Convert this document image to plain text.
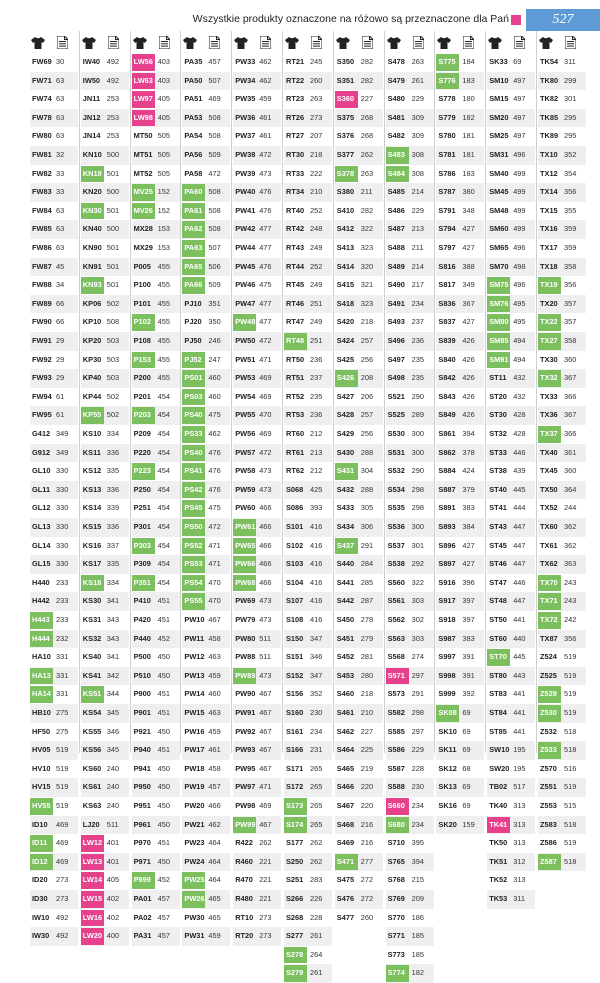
Wszystkie produkty oznaczone na różowo są przeznaczone dla Pań	527
FW69 30
FW71 63
FW74 63
FW78 63
FW80 63
FW81 32
FW82 33
FW83 33
FW84 63
FW85 63
FW86 63
FW87 45
FW88 34
FW89 66
FW90 66
FW91 29
FW92 29
FW93 29
FW94 61
FW95 61
G412 349
G912 349
GL10 330
GL11 330
GL12 330
GL13 330
GL14 330
GL15 330
H440 233
H442 233
H443 233
H444 232
HA10 331
HA13 331
HA14 331
HB10 275
HF50 275
HV05 519
HV10 519
HV15 519
HV55 519
ID10	469
ID11	469
ID12	469
ID20	273
ID30	273
IW10 492
IW30 492
IW40 492
IW50 492
JN11 253
JN12 253
JN14 253
KN10 500
KN18 501
KN20 500
KN30 501
KN40 500
KN90 501
KN91 501
KN93 501
KP06 502
KP10 508
KP20 503
KP30 503
KP40 503
KP44 502
KP55 502
KS10 334
KS11 336
KS12 335
KS13 336
KS14 339
KS15 336
KS16 337
KS17 335
KS18 334
KS30 341
KS31 343
KS32 343
KS40 341
KS41 342
KS51 344
KS54 345
KS55 346
KS56 345
KS60 240
KS61 240
KS63 240
LJ20 511
LW12 401
LW13 401
LW14 405
LW15 402
LW16 402
LW20 400
LW56 403
LW63 403
LW97 405
LW98 405
MT50 505
MT51 505
MT52 505
MV25 152
MV26 152
MX28 153
MX29 153
P005 455
P100 455
P101 455
P102 455
P108 455
P153 455
P200 455
P201 454
P203 454
P209 454
P220 454
P223 454
P250 454
P251 454
P301 454
P303 454
P309 454
P351 454
P410 451
P420 451
P440 452
P500 450
P510 450
P900 451
P901 451
P921 450
P940 451
P941 450
P950 450
P951 450
P961 450
P970 451
P971 450
P999 452
PA01 457
PA02 457
PA31 457
PA35 457
PA50 507
PA51 469
PA53 508
PA54 508
PA56 509
PA58 472
PA60 508
PA61 508
PA62 508
PA63 507
PA65 506
PA66 509
PJ10 351
PJ20 350
PJ50 246
PJ52 247
PS01 460
PS03 460
PS40 475
PS33 462
PS40 476
PS41 476
PS42 476
PS45 475
PS50 472
PS52 471
PS53 471
PS54 470
PS55 470
PW10 467
PW11 458
PW12 463
PW13 459
PW14 460
PW15 463
PW16 459
PW17 461
PW18 458
PW19 457
PW20 466
PW21 462
PW23 464
PW24 464
PW25 464
PW26 465
PW30 465
PW31 459
PW33 462
PW34 462
PW35 459
PW36 461
PW37 461
PW38 472
PW39 473
PW40 476
PW41 476
PW42 477
PW44 477
PW45 476
PW46 475
PW47 477
PW48 477
PW50 472
PW51 471
PW53 469
PW54 469
PW55 470
PW56 469
PW57 472
PW58 473
PW59 473
PW60 466
PW61 466
PW65 466
PW66 466
PW68 466
PW69 473
PW79 473
PW80 511
PW88 511
PW89 473
PW90 467
PW91 467
PW92 467
PW93 467
PW95 467
PW97 471
PW98 469
PW99 467
R422 262
R460 221
R470 221
R480 221
RT10 273
RT20 273
RT21 245
RT22 260
RT23 263
RT26 273
RT27 207
RT30 218
RT33 222
RT34 210
RT40 252
RT42 248
RT43 249
RT44 252
RT45 249
RT46 251
RT47 249
RT48 251
RT50 236
RT51 237
RT52 235
RT53 236
RT60 212
RT61 213
RT62 212
S068 425
S086 393
S101 416
S102 416
S103 416
S104 416
S107 416
S108 416
S150 347
S151 346
S152 347
S156 352
S160 230
S161 234
S166 231
S171 265
S172 265
S173 265
S174 265
S177 262
S250 262
S251 283
S266 226
S268 228
S277 261
S278 264
S279 261
S350 282
S351 282
S360 227
S375 268
S376 268
S377 262
S378 263
S380 211
S410 282
S412 322
S413 323
S414 320
S415 321
S418 323
S420 218
S424 257
S425 256
S426 208
S427 206
S428 257
S429 256
S430 288
S431 304
S432 288
S433 305
S434 306
S437 291
S440 284
S441 285
S442 287
S450 278
S451 279
S452 281
S453 280
S460 218
S461 210
S462 227
S464 225
S465 219
S466 220
S467 220
S468 216
S469 216
S471 277
S475 272
S476 272
S477 260
S478 263
S479 261
S480 229
S481 309
S482 309
S483 308
S484 308
S485 214
S486 229
S487 213
S488 211
S489 214
S490 217
S491 234
S493 237
S496 236
S497 235
S498 235
S521 290
S525 289
S530 300
S531 300
S532 290
S534 298
S535 298
S536 300
S537 301
S538 292
S560 322
S561 303
S562 302
S563 303
S568 274
S571 297
S573 291
S582 298
S585 297
S586 229
S587 228
S588 230
S660 234
S680 234
S710 395
S765 394
S768 215
S769 209
S770 186
S771 185
S773 185
S774 182
S775 184
S776 183
S778 180
S779 182
S780 181
S781 181
S786 183
S787 380
S791 348
S794 427
S797 427
S816 388
S817 349
S836 367
S837 427
S839 426
S840 426
S842 426
S843 426
S849 426
S861 394
S862 378
S884 424
S887 379
S891 383
S893 384
S896 427
S897 427
S916 396
S917 397
S918 397
S987 383
S997 391
S998 391
S999 392
SK08 69
SK10 69
SK11 69
SK12 68
SK13 69
SK16 69
SK20 159
SK33 69
SM10 497
SM15 497
SM20 497
SM25 497
SM31 496
SM40 499
SM45 499
SM48 499
SM60 499
SM65 496
SM70 498
SM75 496
SM76 495
SM80 495
SM85 494
SM91 494
ST11 432
ST20 432
ST30 428
ST32 428
ST33 446
ST38 439
ST40 445
ST41 444
ST43 447
ST45 447
ST46 447
ST47 446
ST48 447
ST50 441
ST60 440
ST70 445
ST80 443
ST83 441
ST84 441
ST85 441
SW10 195
SW20 195
TB02 517
TK40 313
TK41 313
TK50 313
TK51 312
TK52 313
TK53 311
TK54 311
TK80 299
TK82 301
TK85 295
TK89 295
TX10 352
TX12 354
TX14 356
TX15 355
TX16 359
TX17 359
TX18 358
TX19 356
TX20 357
TX22 357
TX27 358
TX30 360
TX32 367
TX33 366
TX36 367
TX37 366
TX40 361
TX45 360
TX50 364
TX52 244
TX60 362
TX61 362
TX62 363
TX70 243
TX71 243
TX72 242
TX87 356
Z524 519
Z525 519
Z529 519
Z530 519
Z532 518
Z533 518
Z570 516
Z551 519
Z553 515
Z583 518
Z586 519
Z587 518
